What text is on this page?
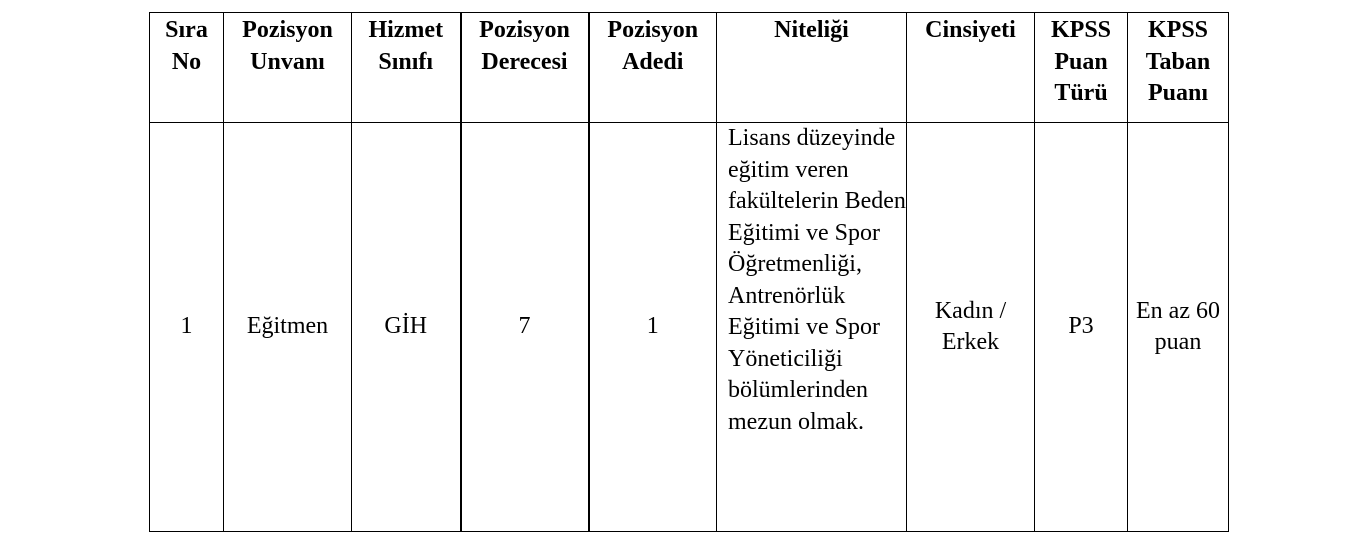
Sıra No	Pozisyon Unvanı	Hizmet Sınıfı	Pozisyon Derecesi	Pozisyon Adedi	Niteliği	Cinsiyeti	KPSS Puan Türü	KPSS Taban Puanı

1	Eğitmen	GİH	7	1	Lisans düzeyinde eğitim veren fakültelerin Beden Eğitimi ve Spor Öğretmenliği, Antrenörlük Eğitimi ve Spor Yöneticiliği bölümlerinden mezun olmak.	Kadın / Erkek	P3	En az 60 puan
